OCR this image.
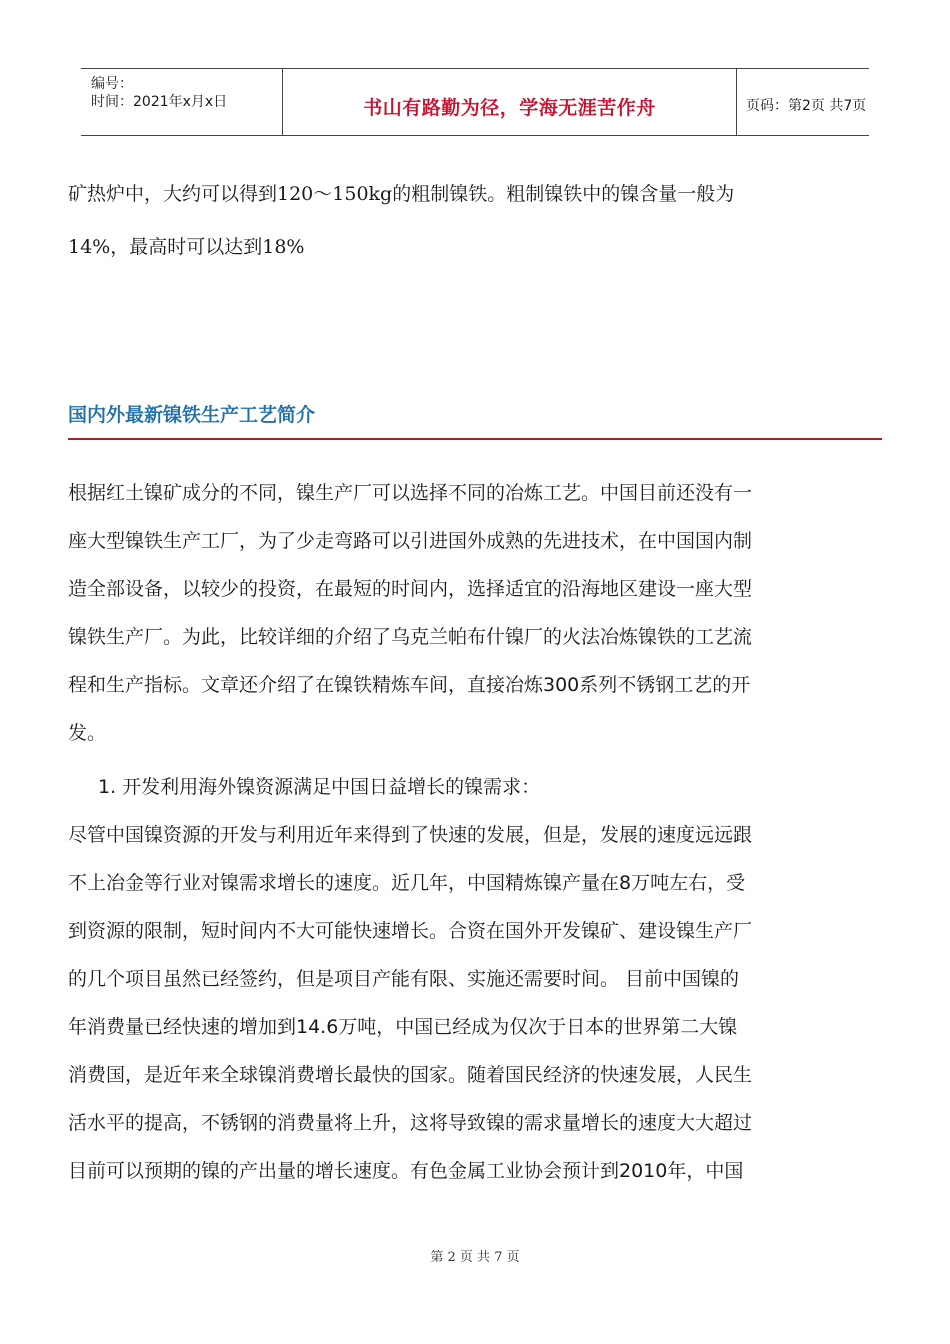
编号：
时间：2021年x月x日	书山有路勤为径，学海无涯苦作舟	页码：第2页 共7页

矿热炉中，大约可以得到120～150kg的粗制镍铁。粗制镍铁中的镍含量一般为

14%，最高时可以达到18%

国内外最新镍铁生产工艺简介

根据红土镍矿成分的不同，镍生产厂可以选择不同的冶炼工艺。中国目前还没有一

座大型镍铁生产工厂，为了少走弯路可以引进国外成熟的先进技术，在中国国内制

造全部设备，以较少的投资，在最短的时间内，选择适宜的沿海地区建设一座大型

镍铁生产厂。为此，比较详细的介绍了乌克兰帕布什镍厂的火法冶炼镍铁的工艺流

程和生产指标。文章还介绍了在镍铁精炼车间，直接冶炼300系列不锈钢工艺的开

发。

1. 开发利用海外镍资源满足中国日益增长的镍需求：

尽管中国镍资源的开发与利用近年来得到了快速的发展，但是，发展的速度远远跟

不上冶金等行业对镍需求增长的速度。近几年，中国精炼镍产量在8万吨左右，受

到资源的限制，短时间内不大可能快速增长。合资在国外开发镍矿、建设镍生产厂

的几个项目虽然已经签约，但是项目产能有限、实施还需要时间。 目前中国镍的

年消费量已经快速的增加到14.6万吨，中国已经成为仅次于日本的世界第二大镍

消费国，是近年来全球镍消费增长最快的国家。随着国民经济的快速发展，人民生

活水平的提高，不锈钢的消费量将上升，这将导致镍的需求量增长的速度大大超过

目前可以预期的镍的产出量的增长速度。有色金属工业协会预计到2010年，中国

第 2 页 共 7 页
